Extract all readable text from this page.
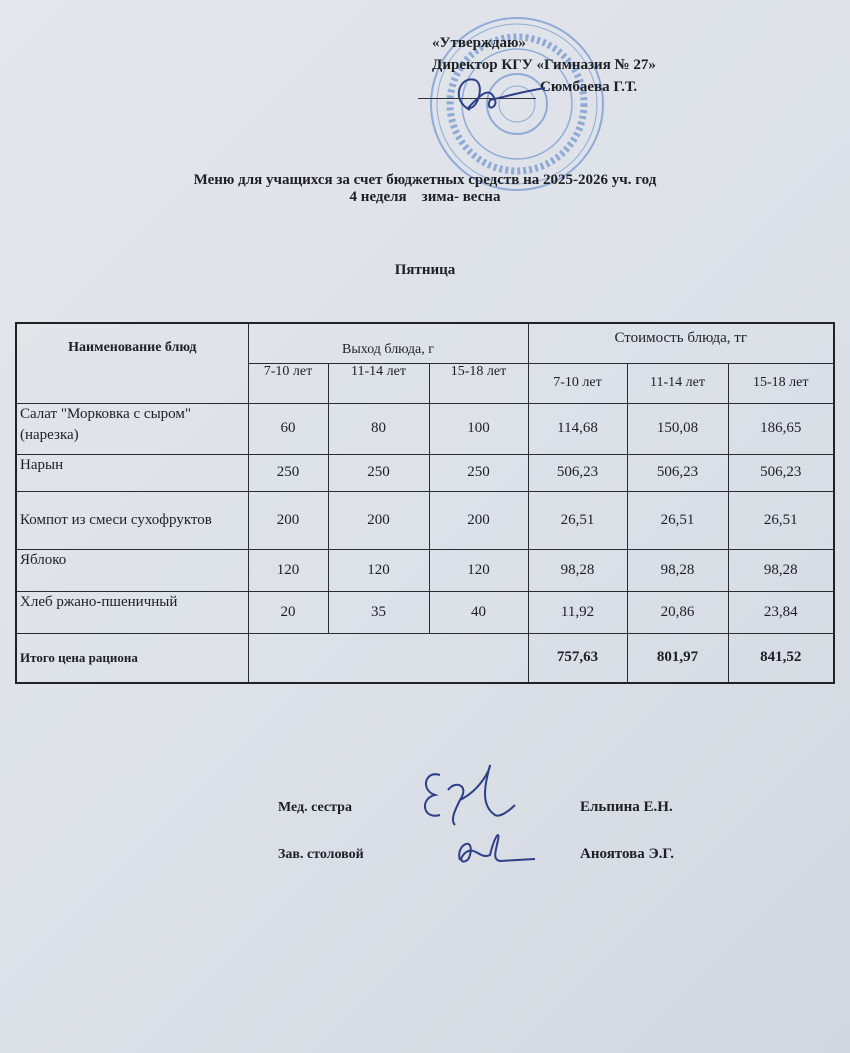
«Утверждаю»
Директор КГУ «Гимназия № 27»
Сюмбаева Г.Т.
Меню для учащихся за счет бюджетных средств на 2025-2026 уч. год
4 неделя    зима- весна
Пятница
Наименование блюд	Выход блюда, г			Стоимость блюда, тг		
	7-10 лет	11-14 лет	15-18 лет	7-10 лет	11-14 лет	15-18 лет
Салат "Морковка с сыром" (нарезка)	60	80	100	114,68	150,08	186,65
Нарын	250	250	250	506,23	506,23	506,23
Компот из смеси сухофруктов	200	200	200	26,51	26,51	26,51
Яблоко	120	120	120	98,28	98,28	98,28
Хлеб ржано-пшеничный	20	35	40	11,92	20,86	23,84
Итого цена рациона				757,63	801,97	841,52
Мед. сестра	Ельпина Е.Н.
Зав. столовой	Аноятова Э.Г.
